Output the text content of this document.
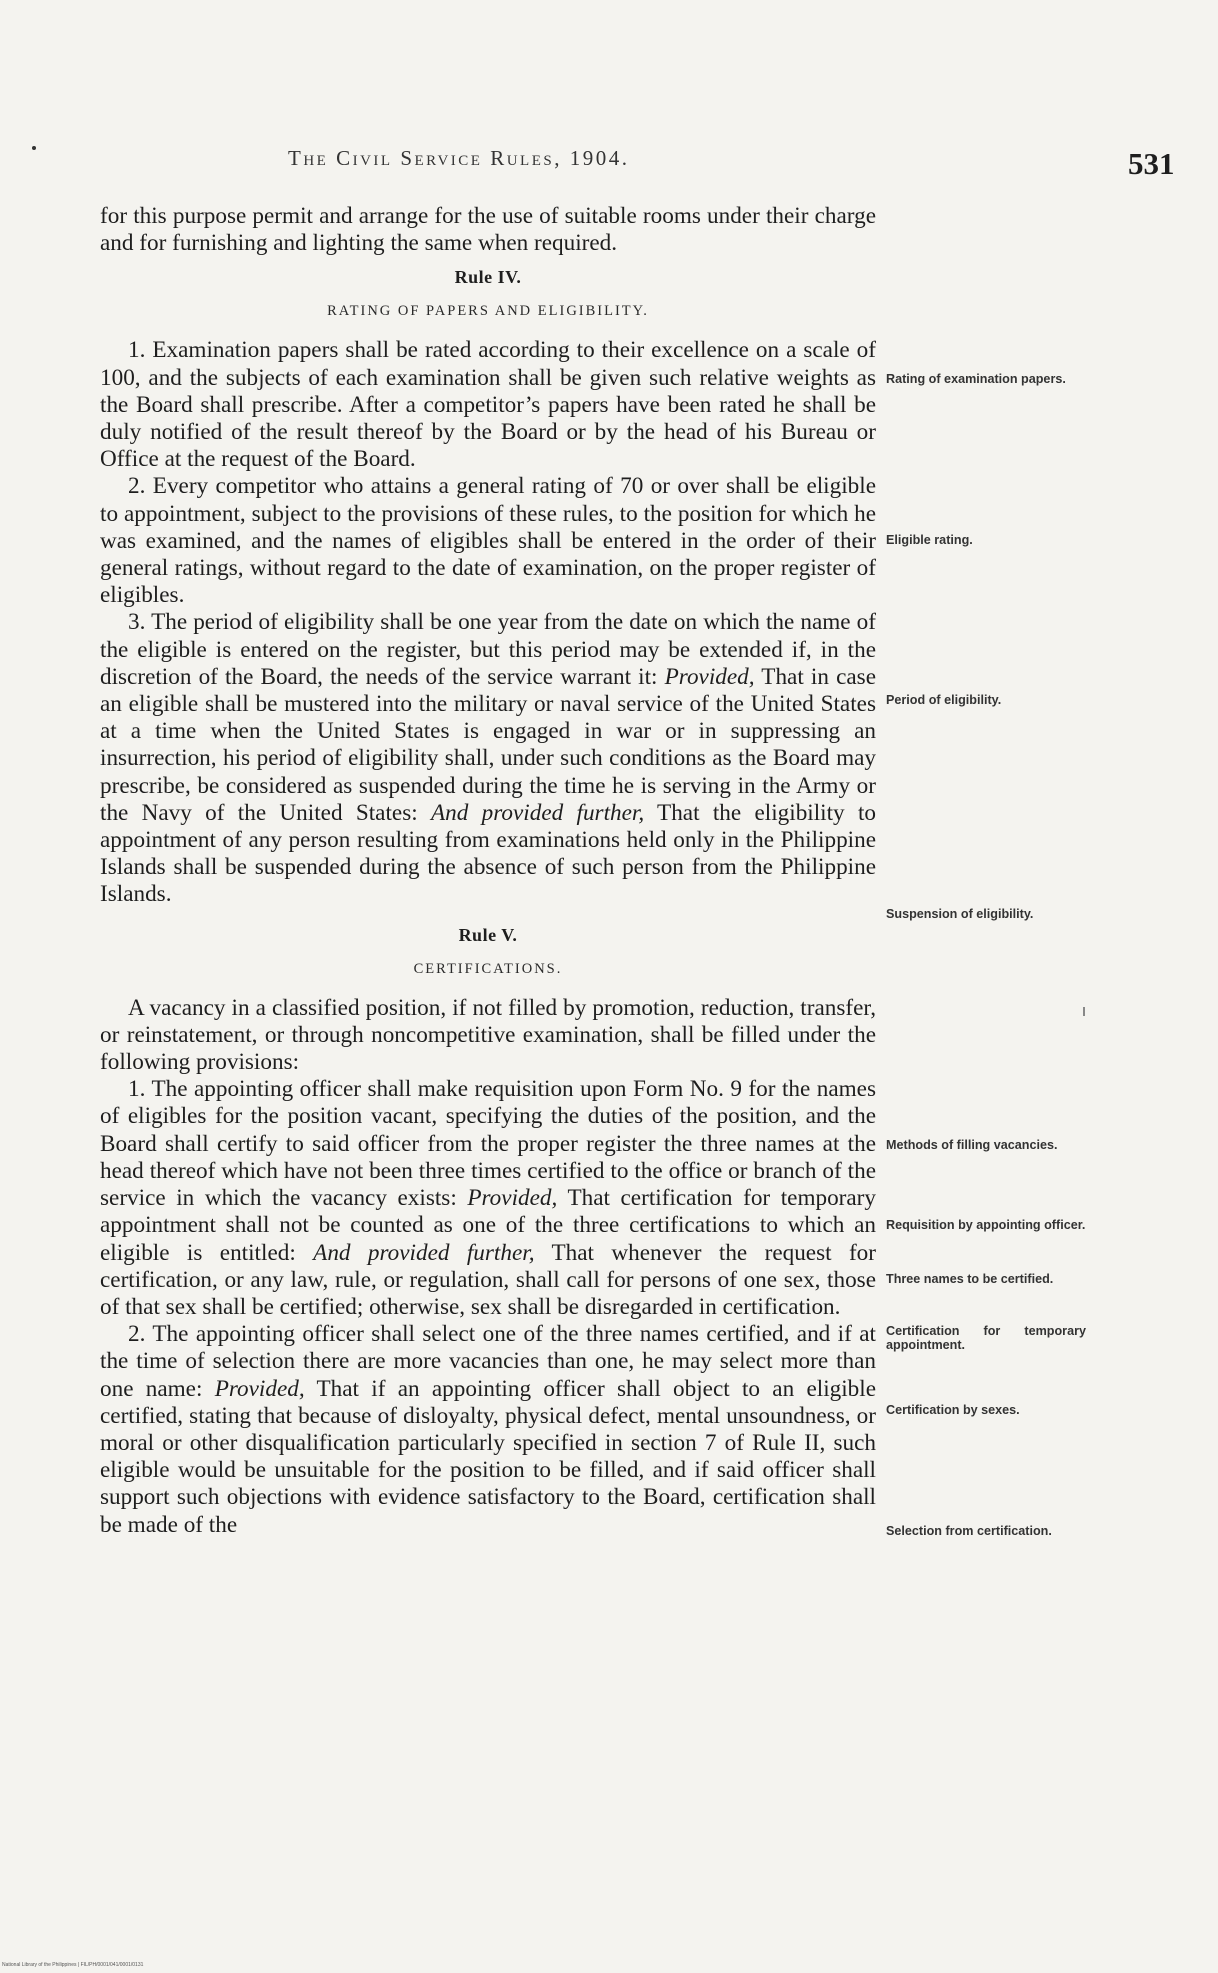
The Civil Service Rules, 1904.	531

for this purpose permit and arrange for the use of suitable rooms under their charge and for furnishing and lighting the same when required.

Rule IV.
RATING OF PAPERS AND ELIGIBILITY.

1. Examination papers shall be rated according to their excellence on a scale of 100, and the subjects of each examination shall be given such relative weights as the Board shall prescribe. After a competitor’s papers have been rated he shall be duly notified of the result thereof by the Board or by the head of his Bureau or Office at the request of the Board.

2. Every competitor who attains a general rating of 70 or over shall be eligible to appointment, subject to the provisions of these rules, to the position for which he was examined, and the names of eligibles shall be entered in the order of their general ratings, without regard to the date of examination, on the proper register of eligibles.

3. The period of eligibility shall be one year from the date on which the name of the eligible is entered on the register, but this period may be extended if, in the discretion of the Board, the needs of the service warrant it: Provided, That in case an eligible shall be mustered into the military or naval service of the United States at a time when the United States is engaged in war or in suppressing an insurrection, his period of eligibility shall, under such conditions as the Board may prescribe, be considered as suspended during the time he is serving in the Army or the Navy of the United States: And provided further, That the eligibility to appointment of any person resulting from examinations held only in the Philippine Islands shall be suspended during the absence of such person from the Philippine Islands.

Rule V.
CERTIFICATIONS.

A vacancy in a classified position, if not filled by promotion, reduction, transfer, or reinstatement, or through noncompetitive examination, shall be filled under the following provisions:

1. The appointing officer shall make requisition upon Form No. 9 for the names of eligibles for the position vacant, specifying the duties of the position, and the Board shall certify to said officer from the proper register the three names at the head thereof which have not been three times certified to the office or branch of the service in which the vacancy exists: Provided, That certification for temporary appointment shall not be counted as one of the three certifications to which an eligible is entitled: And provided further, That whenever the request for certification, or any law, rule, or regulation, shall call for persons of one sex, those of that sex shall be certified; otherwise, sex shall be disregarded in certification.

2. The appointing officer shall select one of the three names certified, and if at the time of selection there are more vacancies than one, he may select more than one name: Provided, That if an appointing officer shall object to an eligible certified, stating that because of disloyalty, physical defect, mental unsoundness, or moral or other disqualification particularly specified in section 7 of Rule II, such eligible would be unsuitable for the position to be filled, and if said officer shall support such objections with evidence satisfactory to the Board, certification shall be made of the

Rating of examination papers.
Eligible rating.
Period of eligibility.
Suspension of eligibility.
Methods of filling vacancies.
Requisition by appointing officer.
Three names to be certified.
Certification for temporary appointment.
Certification by sexes.
Selection from certification.
National Library of the Philippines | FIL/PH/0001/041/0001/0131
